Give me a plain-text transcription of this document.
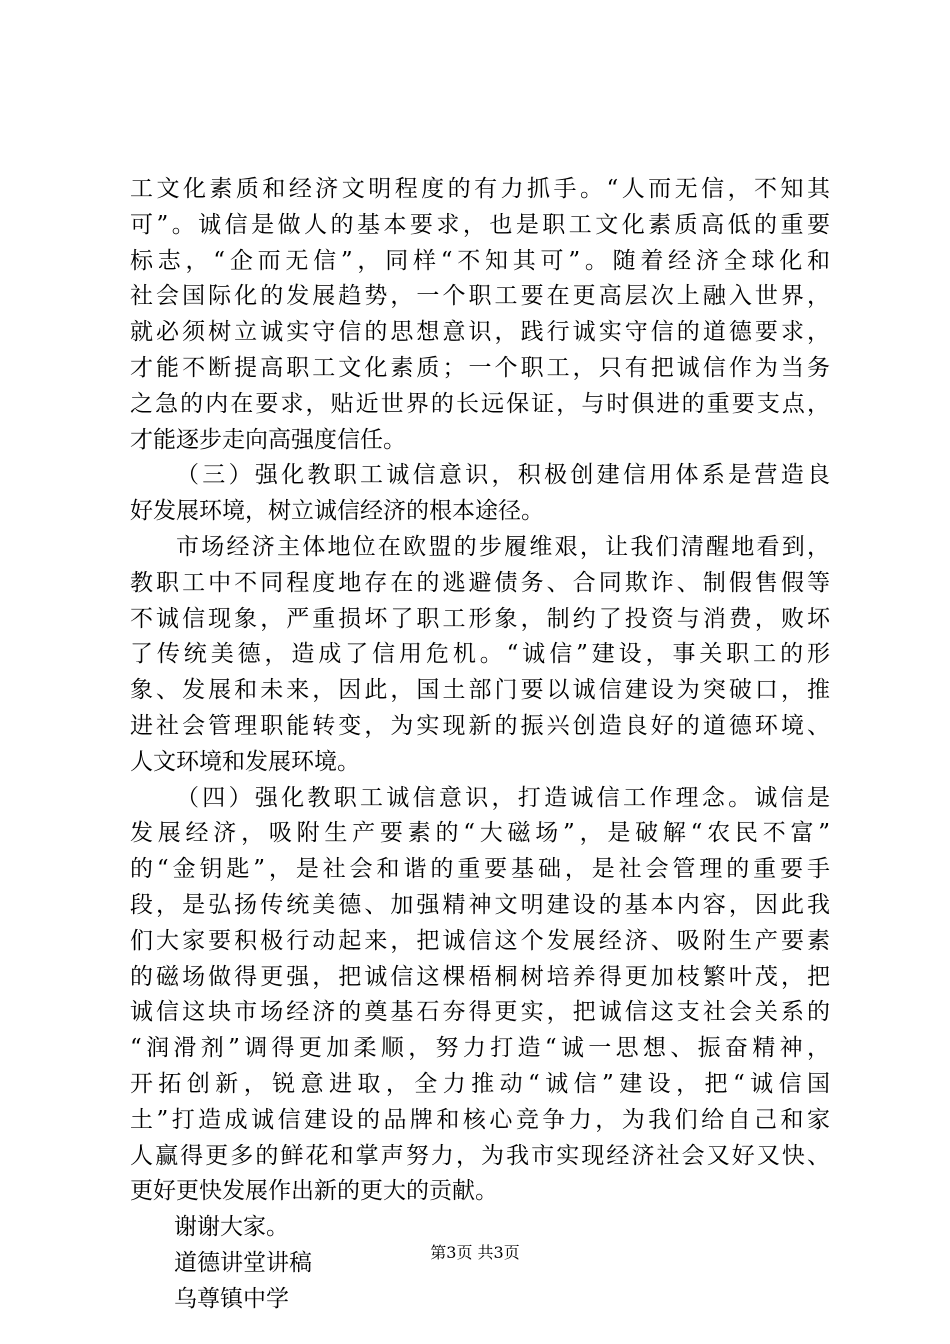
工文化素质和经济文明程度的有力抓手。“人而无信，不知其
可”。诚信是做人的基本要求，也是职工文化素质高低的重要
标志，“企而无信”，同样“不知其可”。随着经济全球化和
社会国际化的发展趋势，一个职工要在更高层次上融入世界，
就必须树立诚实守信的思想意识，践行诚实守信的道德要求，
才能不断提高职工文化素质；一个职工，只有把诚信作为当务
之急的内在要求，贴近世界的长远保证，与时俱进的重要支点，
才能逐步走向高强度信任。
（三）强化教职工诚信意识，积极创建信用体系是营造良
好发展环境，树立诚信经济的根本途径。
市场经济主体地位在欧盟的步履维艰，让我们清醒地看到，
教职工中不同程度地存在的逃避债务、合同欺诈、制假售假等
不诚信现象，严重损坏了职工形象，制约了投资与消费，败坏
了传统美德，造成了信用危机。“诚信”建设，事关职工的形
象、发展和未来，因此，国土部门要以诚信建设为突破口，推
进社会管理职能转变，为实现新的振兴创造良好的道德环境、
人文环境和发展环境。
（四）强化教职工诚信意识，打造诚信工作理念。诚信是
发展经济，吸附生产要素的“大磁场”，是破解“农民不富”
的“金钥匙”，是社会和谐的重要基础，是社会管理的重要手
段，是弘扬传统美德、加强精神文明建设的基本内容，因此我
们大家要积极行动起来，把诚信这个发展经济、吸附生产要素
的磁场做得更强，把诚信这棵梧桐树培养得更加枝繁叶茂，把
诚信这块市场经济的奠基石夯得更实，把诚信这支社会关系的
“润滑剂”调得更加柔顺，努力打造“诚一思想、振奋精神，
开拓创新，锐意进取，全力推动“诚信”建设，把“诚信国
土”打造成诚信建设的品牌和核心竞争力，为我们给自己和家
人赢得更多的鲜花和掌声努力，为我市实现经济社会又好又快、
更好更快发展作出新的更大的贡献。
谢谢大家。
道德讲堂讲稿
乌尊镇中学
第3页 共3页
